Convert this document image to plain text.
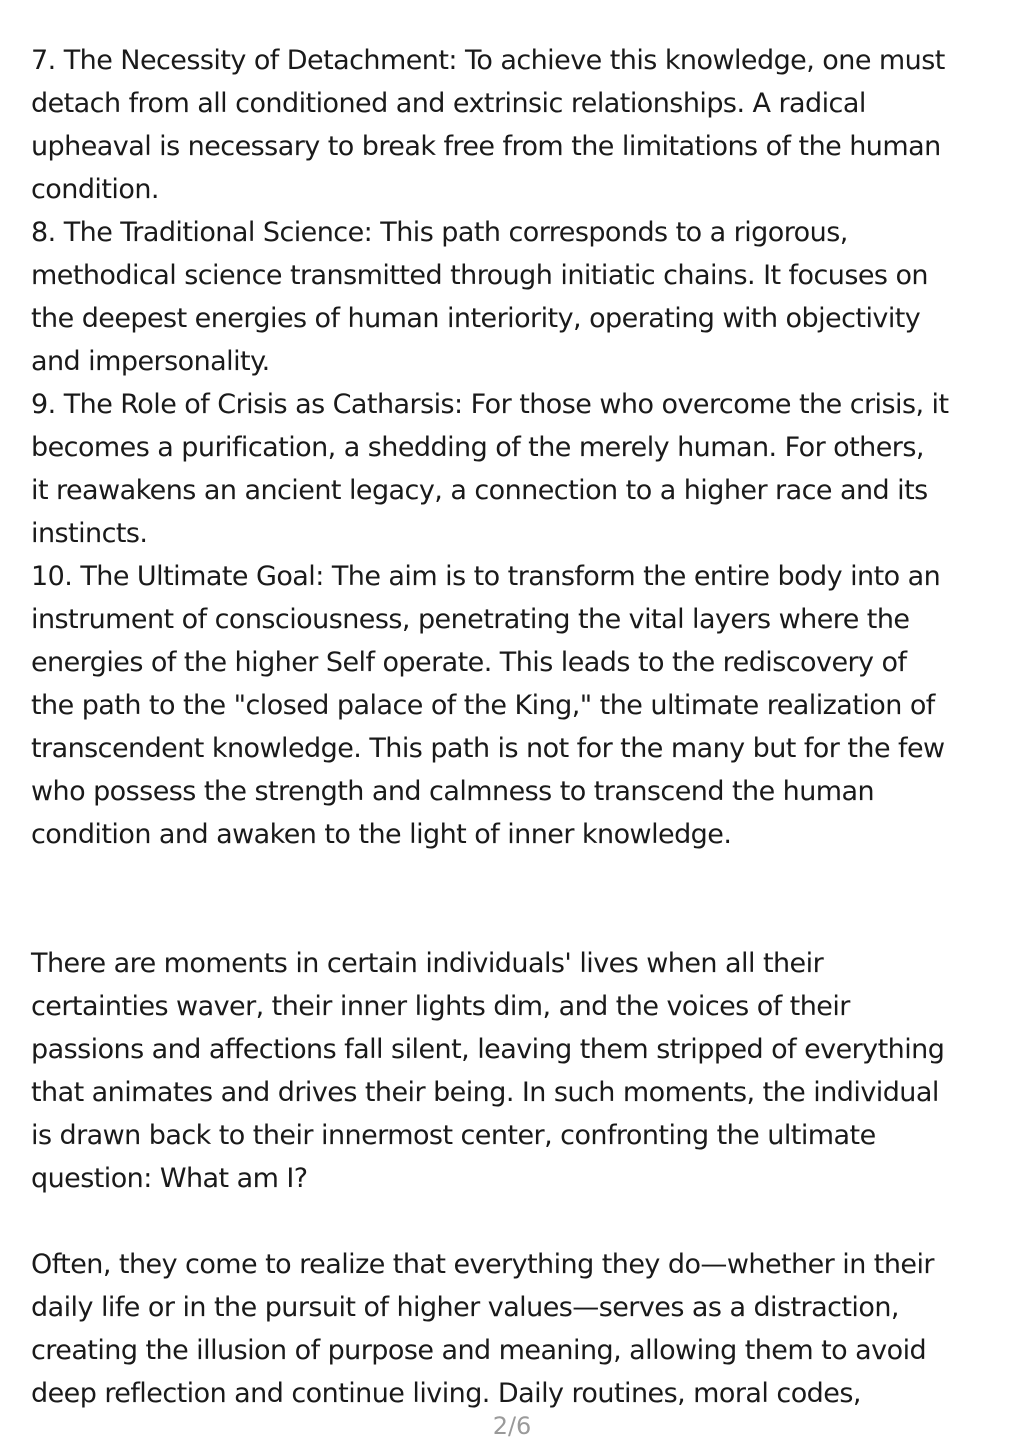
7. The Necessity of Detachment: To achieve this knowledge, one must
detach from all conditioned and extrinsic relationships. A radical
upheaval is necessary to break free from the limitations of the human
condition.
8. The Traditional Science: This path corresponds to a rigorous,
methodical science transmitted through initiatic chains. It focuses on
the deepest energies of human interiority, operating with objectivity
and impersonality.
9. The Role of Crisis as Catharsis: For those who overcome the crisis, it
becomes a purification, a shedding of the merely human. For others,
it reawakens an ancient legacy, a connection to a higher race and its
instincts.
10. The Ultimate Goal: The aim is to transform the entire body into an
instrument of consciousness, penetrating the vital layers where the
energies of the higher Self operate. This leads to the rediscovery of
the path to the "closed palace of the King," the ultimate realization of
transcendent knowledge. This path is not for the many but for the few
who possess the strength and calmness to transcend the human
condition and awaken to the light of inner knowledge.
There are moments in certain individuals' lives when all their
certainties waver, their inner lights dim, and the voices of their
passions and affections fall silent, leaving them stripped of everything
that animates and drives their being. In such moments, the individual
is drawn back to their innermost center, confronting the ultimate
question: What am I?
Often, they come to realize that everything they do—whether in their
daily life or in the pursuit of higher values—serves as a distraction,
creating the illusion of purpose and meaning, allowing them to avoid
deep reflection and continue living. Daily routines, moral codes,
2/6
